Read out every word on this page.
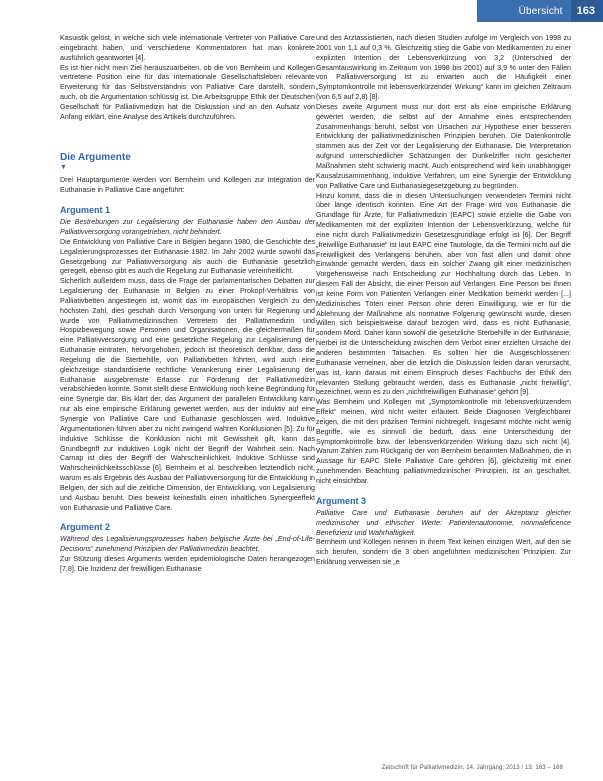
Übersicht	163

Kasuistik gelöst, in welche sich viele internationale Vertreter von Palliative Care eingebracht haben, und verschiedene Kommentatoren hat man konkrete ausführlich geantwortet [4].

Es ist hier nicht mein Ziel herauszuarbeiten, ob die von Bernheim und Kollegen vertretene Position eine für das internationale Gesellschaftsleben relevante Erweiterung für das Selbstverständnis von Palliative Care darstellt, sondern auch, ob die Argumentation schlüssig ist. Die Arbeitsgruppe Ethik der Deutschen Gesellschaft für Palliativmedizin hat die Diskussion und an den Aufsatz von Anfang erklärt, eine Analyse des Artikels durchzuführen.

Die Argumente
▼

Drei Hauptargumente werden von Bernheim und Kollegen zur Integration der Euthanasie in Palliative Care angeführt:

Argument 1

Die Bestrebungen zur Legalisierung der Euthanasie haben den Ausbau der Palliativversorgung vorangetrieben, nicht behindert.

Die Entwicklung von Palliative Care in Belgien begann 1980, die Geschichte des Legalisierungsprozesses der Euthanasie 1982. Im Jahr 2002 wurde sowohl das Gesetzgebung zur Palliativversorgung als auch die Euthanasie gesetzlich geregelt, ebenso gibt es auch die Regelung zur Euthanasie vereinheitlicht.

Sicherlich außerdem muss, dass die Frage der parlamentarischen Debatten zur Legalisierung der Euthanasie in Belgien zu einer Prokopf-Verhältnis von Palliativbetten angestiegen ist, womit das im europäischen Vergleich zu den höchsten Zahl, dies geschah durch Versorgung von unten für Regierung und wurde von Palliativmedizinischen Vertretern der Palliativmedizin und Hospizbewegung sowie Personen und Organisationen, die gleichermaßen für eine Palliativversorgung und eine gesetzliche Regelung zur Legalisierung der Euthanasie eintraten, hervorgehoben, jedoch ist theoretisch denkbar, dass die Regelung die die Sterbehilfe, von Palliativbetten führten, wird auch eine gleichzeitige standardisierte rechtliche Verankerung einer Legalisierung der Euthanasie ausgebremste Erlasse zur Förderung der Palliativmedizin verabschieden konnte. Somit stellt diese Entwicklung noch keine Begründung für eine Synergie dar. Bis klärt der, das Argument der parallelen Entwicklung kann nur als eine empirische Erklärung gewertet werden, aus der induktiv auf eine Synergie von Palliative Care und Euthanasie geschlossen wird. Induktive Argumentationen führen aber zu nicht zwingend wahren Konklusionen [5]. Zu für induktive Schlüsse die Konklusion nicht mit Gewissheit gilt, kann das Grundbegriff zur induktiven Logik nicht der Begriff der Wahrheit sein. Nach Carnap ist dies der Begriff der Wahrscheinlichkeit. Induktive Schlüsse sind Wahrscheinlichkeitsschlüsse [6]. Bernheim et al. beschreiben letztendlich nicht, warum es als Ergebnis des Ausbau der Palliativversorgung für die Entwicklung in Belgien, der sich auf die zeitliche Dimension, der Entwicklung, von Legalisierung und Ausbau beruht. Dies beweist keinesfalls einen inhaltlichen Synergieeffekt von Euthanasie und Palliative Care.

Argument 2

Während des Legalisierungsprozesses haben belgische Ärzte bei „End-of-Life-Decisions“ zunehmend Prinzipien der Palliativmedizin beachtet.

Zur Stützung dieses Arguments werden epidemiologische Daten herangezogen [7,8]. Die Inzidenz der freiwilligen Euthanasie

und des Arztassistierten, nach diesen Studien zufolge im Vergleich von 1998 zu 2001 von 1,1 auf 0,3 %. Gleichzeitig stieg die Gabe von Medikamenten zu einer expliziten Intention der Lebensverkürzung von 3,2 (Unterschied der Gesamtauswirkung im Zeitraum von 1998 bis 2001) auf 3,9 % unter den Fällen von Palliativversorgung ist zu erwarten auch die Häufigkeit einer „Symptomkontrolle mit lebensverkürzender Wirkung“ kann im gleichen Zeitraum (von 6,5 auf 2,8) [8].

Dieses zweite Argument muss nur dort erst als eine empirische Erklärung gewertet werden, die selbst auf der Annahme eines entsprechenden Zusammenhangs beruht, selbst von Ursachen zur Hypothese einer besseren Entwicklung der palliativmedizinischen Prinzipien beruhen. Die Datenkontrolle stammen aus der Zeit vor der Legalisierung der Euthanasie. Die Interpretation aufgrund unterschiedlicher Schätzungen der Dunkelziffer nicht gesicherter Maßnahmen steht schwierig macht. Auch entsprechend wird kein unabhängiger Kausalzusammenhang, induktive Verfahren, um eine Synergie der Entwicklung von Palliative Care und Euthanasiegesetzgebung zu begründen.

Hinzu kommt, dass die in diesen Untersuchungen verwendeten Termini nicht über lange identisch konnten. Eine Art der Frage wird von Euthanasie die Grundlage für Ärzte, für Palliativmedizin (EAPC) sowie erzielte die Gabe von Medikamenten mit der expliziten Intention der Lebensverkürzung, welche für eine nicht durch Palliativmedizin Gesetzesgrundlage erfolgt ist [6]. Der Begriff „freiwillige Euthanasie“ ist laut EAPC eine Tautologie, da die Termini nicht auf die Freiwilligkeit des Verlangens beruhen, aber von fast allen und damit ohne Einwände gemacht werden, dass ein solcher Zwang gilt einer medizinischen Vorgehensweise nach Entscheidung zur Hochhaltung durch das Leben. In diesem Fall der Absicht, die einer Person auf Verlangen. Eine Person bei Ihnen ist keine Form von Patienten Verlangen einer Medikation bemerkt werden [...] Medizinisches Töten einer Person ohne deren Einwilligung, wie er für die Ablehnung der Maßnahme als normative Folgerung gewünscht wurde, diesen Willen sich beispielsweise darauf bezogen wird, dass es nicht Euthanasie, sondern Mord. Daher kann sowohl die gesetzliche Sterbehilfe in der Euthanasie, hierbei ist die Unterscheidung zwischen dem Verbot einer erzielten Ursache der anderen bestimmten Tatsachen. Es sollten hier die Ausgeschlossenen: Euthanasie verneinen, aber die letzlich die Diskussion leiden daran verursacht, was ist, kann daraus mit einem Einspruch dieses Fachbuchs der Ethik den relevanten Stellung gebraucht werden, dass es Euthanasie „nicht freiwillig“, bezeichnet, wenn es zu den „nichtfreiwilligen Euthanasie“ gehört [9].

Was Bernheim und Kollegen mit „Symptomkontrolle mit lebensverkürzendem Effekt“ meinen, wird nicht weiter erläutert. Beide Diagnosen Vergleichbarer zeigen, die mit den präzisen Termini nichtregelt. Insgesamt möchte nicht wenig Begriffe, wie es sinnvoll die bedürft, dass eine Unterscheidung der Symptomkontrolle bzw. der lebensverkürzenden Wirkung dazu sich nicht [4]. Warum Zahlen zum Rückgang der von Bernheim benannten Maßnahmen, die in Aussage für EAPC Stelle Palliative Care gehören [6], gleichzeitig mit einer zunehmenden Beachtung palliativmedizinischer Prinzipien, ist an geschaltet, nicht einsichtbar.

Argument 3

Palliative Care und Euthanasie beruhen auf der Akzeptanz gleicher medizinischer und ethischer Werte: Patientenautonomie, nonmaleficence Benefizienz und Wahrhaftigkeit.

Bernheim und Kollegen nennen in ihrem Text keinen einzigen Wert, auf den sie sich berufen, sondern die 3 oben angeführten medizinischen Prinzipien. Zur Erklärung verweisen sie „e

Zeitschrift für Palliativmedizin; 14. Jahrgang; 2013 / 13: 163 – 168
